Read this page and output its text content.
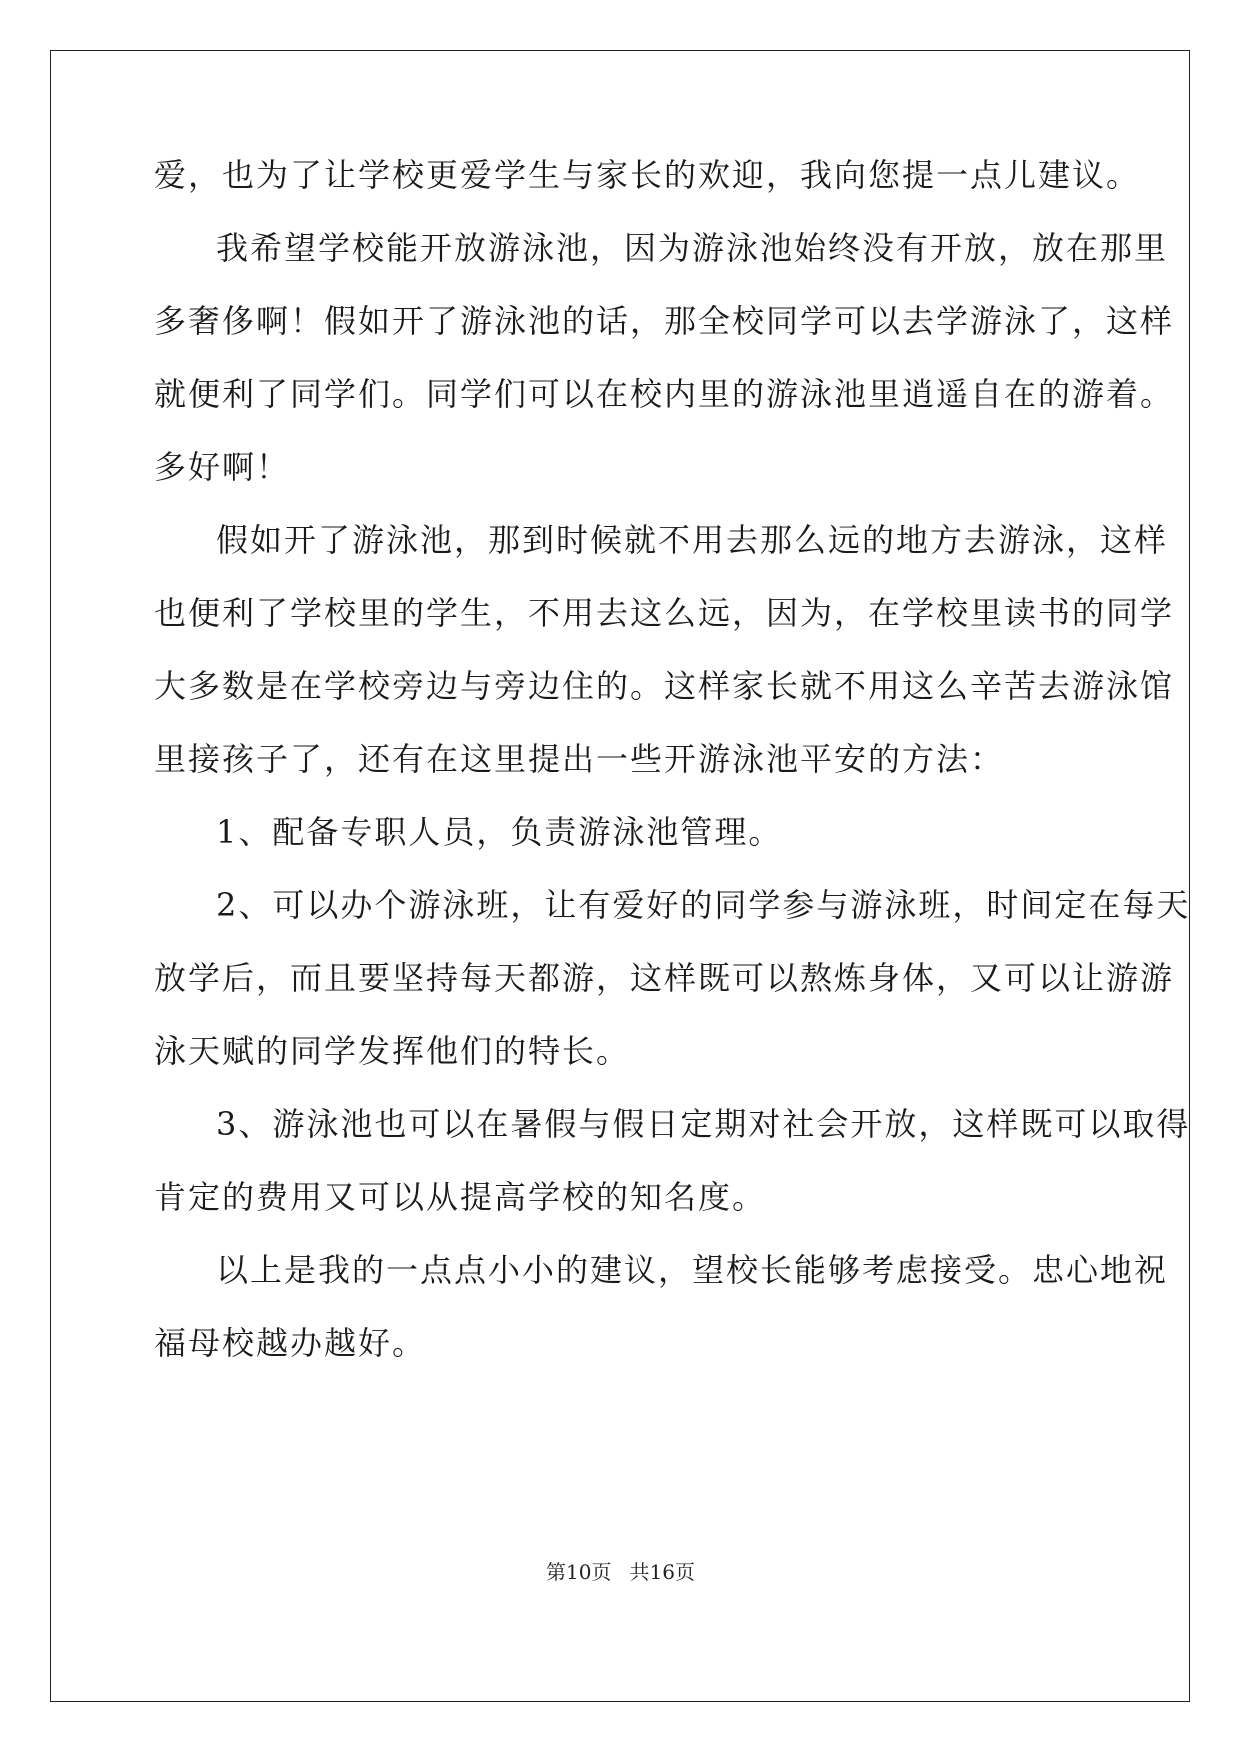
爱，也为了让学校更爱学生与家长的欢迎，我向您提一点儿建议。
我希望学校能开放游泳池，因为游泳池始终没有开放，放在那里
多奢侈啊！假如开了游泳池的话，那全校同学可以去学游泳了，这样
就便利了同学们。同学们可以在校内里的游泳池里逍遥自在的游着。
多好啊！
假如开了游泳池，那到时候就不用去那么远的地方去游泳，这样
也便利了学校里的学生，不用去这么远，因为，在学校里读书的同学
大多数是在学校旁边与旁边住的。这样家长就不用这么辛苦去游泳馆
里接孩子了，还有在这里提出一些开游泳池平安的方法：
1、配备专职人员，负责游泳池管理。
2、可以办个游泳班，让有爱好的同学参与游泳班，时间定在每天
放学后，而且要坚持每天都游，这样既可以熬炼身体，又可以让游游
泳天赋的同学发挥他们的特长。
3、游泳池也可以在暑假与假日定期对社会开放，这样既可以取得
肯定的费用又可以从提高学校的知名度。
以上是我的一点点小小的建议，望校长能够考虑接受。忠心地祝
福母校越办越好。
第10页 共16页
